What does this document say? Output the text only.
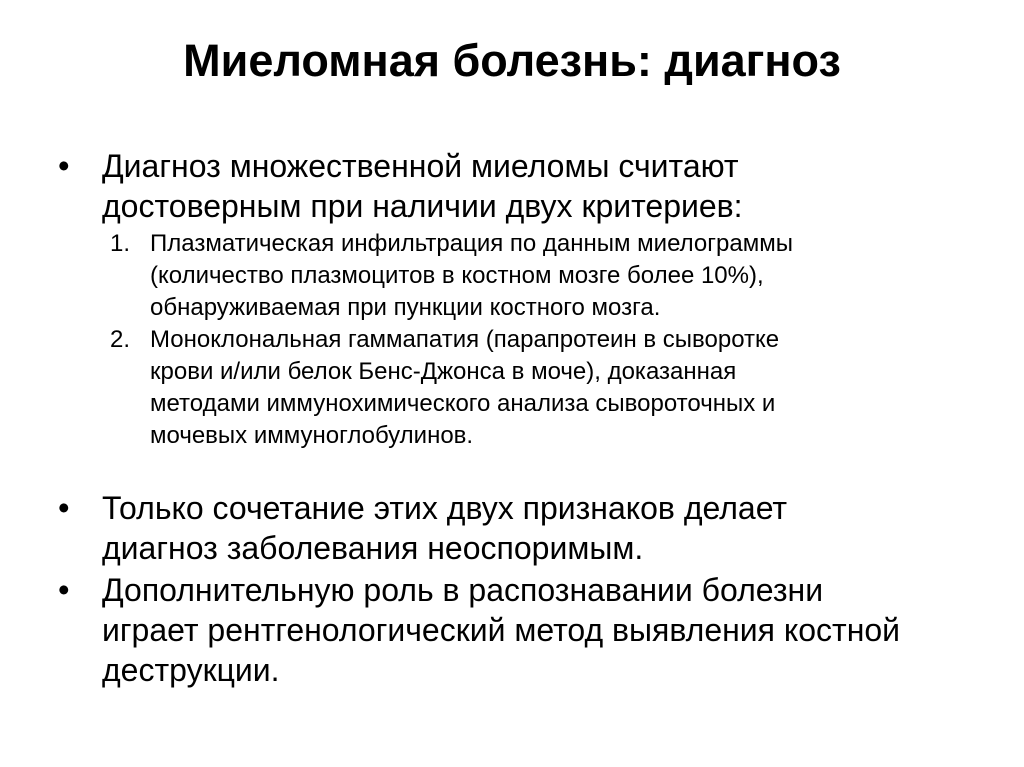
Миеломная болезнь: диагноз
• Диагноз множественной миеломы считают
достоверным при наличии двух критериев:
1. Плазматическая инфильтрация по данным миелограммы
(количество плазмоцитов в костном мозге более 10%),
обнаруживаемая при пункции костного мозга.
2. Моноклональная гаммапатия (парапротеин в сыворотке
крови и/или белок Бенс-Джонса в моче), доказанная
методами иммунохимического анализа сывороточных и
мочевых иммуноглобулинов.
• Только сочетание этих двух признаков делает
диагноз заболевания неоспоримым.
• Дополнительную роль в распознавании болезни
играет рентгенологический метод выявления костной
деструкции.
